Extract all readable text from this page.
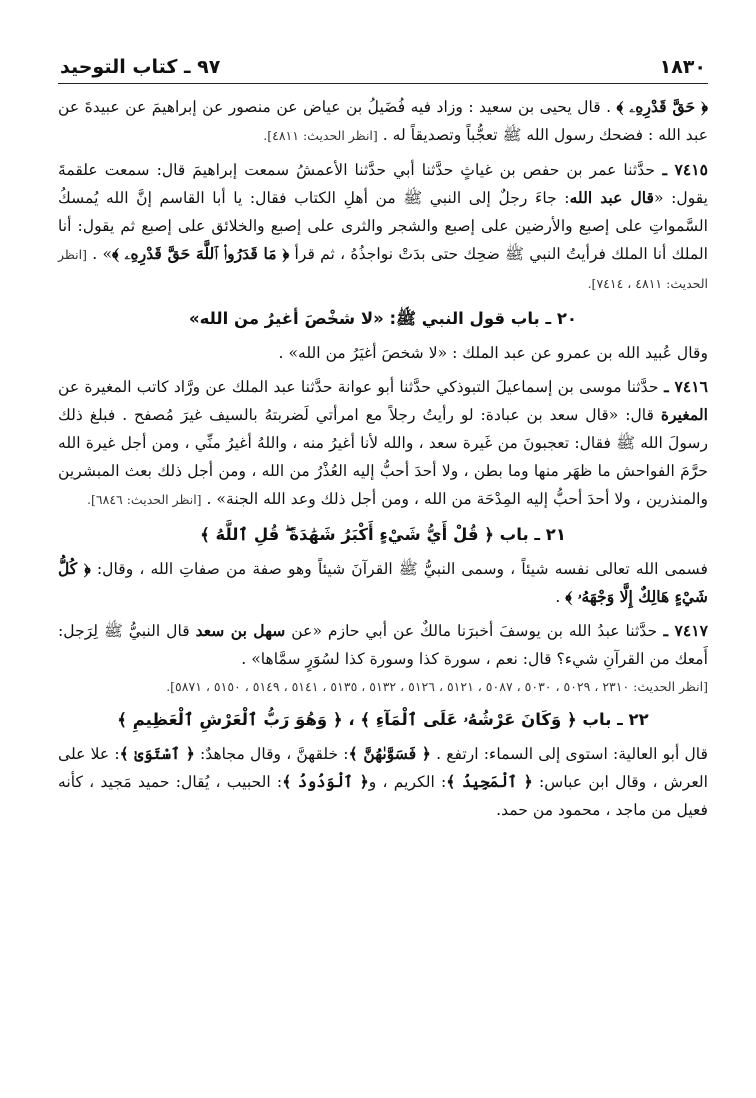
١٨٣٠
٩٧ ـ كتاب التوحيد

﴿ حَقَّ قَدْرِهِۦ ﴾ . قال يحيى بن سعيد : وزاد فيه فُضَيلُ بن عياض عن منصور عن إبراهيمَ عن عبيدةَ عن عبد الله : فضحك رسول الله ﷺ تعجُّباً وتصديقاً له . [انظر الحديث: ٤٨١١].

٧٤١٥ ـ حدَّثنا عمر بن حفص بن غياثٍ حدَّثنا أبي حدَّثنا الأعمشُ سمعت إبراهيمَ قال: سمعت علقمةَ يقول: «قال عبد الله: جاءَ رجلٌ إلى النبي ﷺ من أهلِ الكتاب فقال: يا أبا القاسم إنَّ الله يُمسكُ السَّمواتِ على إصبع والأرضين على إصبع والشجر والثرى على إصبع والخلائق على إصبع ثم يقول: أنا الملك أنا الملك فرأيتُ النبي ﷺ ضحِك حتى بدَتْ نواجذُهُ ، ثم قرأ ﴿ مَا قَدَرُوا۟ ٱللَّهَ حَقَّ قَدْرِهِۦ ﴾» . [انظر الحديث: ٤٨١١ ، ٧٤١٤].

٢٠ ـ باب قول النبي ﷺ: «لا شخْصَ أغيرُ من الله»

وقال عُبيد الله بن عمرو عن عبد الملك : «لا شخصَ أغيَرُ من الله» .

٧٤١٦ ـ حدَّثنا موسى بن إسماعيلَ التبوذكي حدَّثنا أبو عوانة حدَّثنا عبد الملك عن ورَّاد كاتب المغيرة عن المغيرة قال: «قال سعد بن عبادة: لو رأيتُ رجلاً مع امرأتي لَضربتهُ بالسيف غيرَ مُصفح . فبلغ ذلك رسولَ الله ﷺ فقال: تعجبونَ من غَيرة سعد ، والله لأنا أغيرُ منه ، واللهُ أغيرُ منِّي ، ومن أجل غيرة الله حرَّمَ الفواحش ما ظهَر منها وما بطن ، ولا أحدَ أحبُّ إليه العُذْرُ من الله ، ومن أجل ذلك بعث المبشرين والمنذرين ، ولا أحدَ أحبُّ إليه المِدْحَة من الله ، ومن أجل ذلك وعد الله الجنة» . [انظر الحديث: ٦٨٤٦].

٢١ ـ باب ﴿ قُلْ أَيُّ شَيْءٍ أَكْبَرُ شَهَٰدَةً ۖ قُلِ ٱللَّهُ ﴾

فسمى الله تعالى نفسه شيئاً ، وسمى النبيُّ ﷺ القرآنَ شيئاً وهو صفة من صفاتِ الله ، وقال: ﴿ كُلُّ شَيْءٍ هَالِكٌ إِلَّا وَجْهَهُۥ ﴾ .

٧٤١٧ ـ حدَّثنا عبدُ الله بن يوسفَ أخبرَنا مالكٌ عن أبي حازم «عن سهل بن سعد قال النبيُّ ﷺ لِرَجل: أَمعك من القرآنِ شيء؟ قال: نعم ، سورة كذا وسورة كذا لسُوَرٍ سمَّاها» .

[انظر الحديث: ٢٣١٠ ، ٥٠٢٩ ، ٥٠٣٠ ، ٥٠٨٧ ، ٥١٢١ ، ٥١٢٦ ، ٥١٣٢ ، ٥١٣٥ ، ٥١٤١ ، ٥١٤٩ ، ٥١٥٠ ، ٥٨٧١].
٢٢ ـ باب ﴿ وَكَانَ عَرْشُهُۥ عَلَى ٱلْمَآءِ ﴾ ، ﴿ وَهُوَ رَبُّ ٱلْعَرْشِ ٱلْعَظِيمِ ﴾

قال أبو العالية: استوى إلى السماء: ارتفع . ﴿ فَسَوَّىٰهُنَّ ﴾: خلقهنَّ ، وقال مجاهدٌ: ﴿ ٱسْتَوَىٰ ﴾: علا على العرش ، وقال ابن عباس: ﴿ ٱلْمَجِيدُ ﴾: الكريم ، و﴿ ٱلْوَدُودُ ﴾: الحبيب ، يُقال: حميد مَجيد ، كأنه فعيل من ماجد ، محمود من حمد.
